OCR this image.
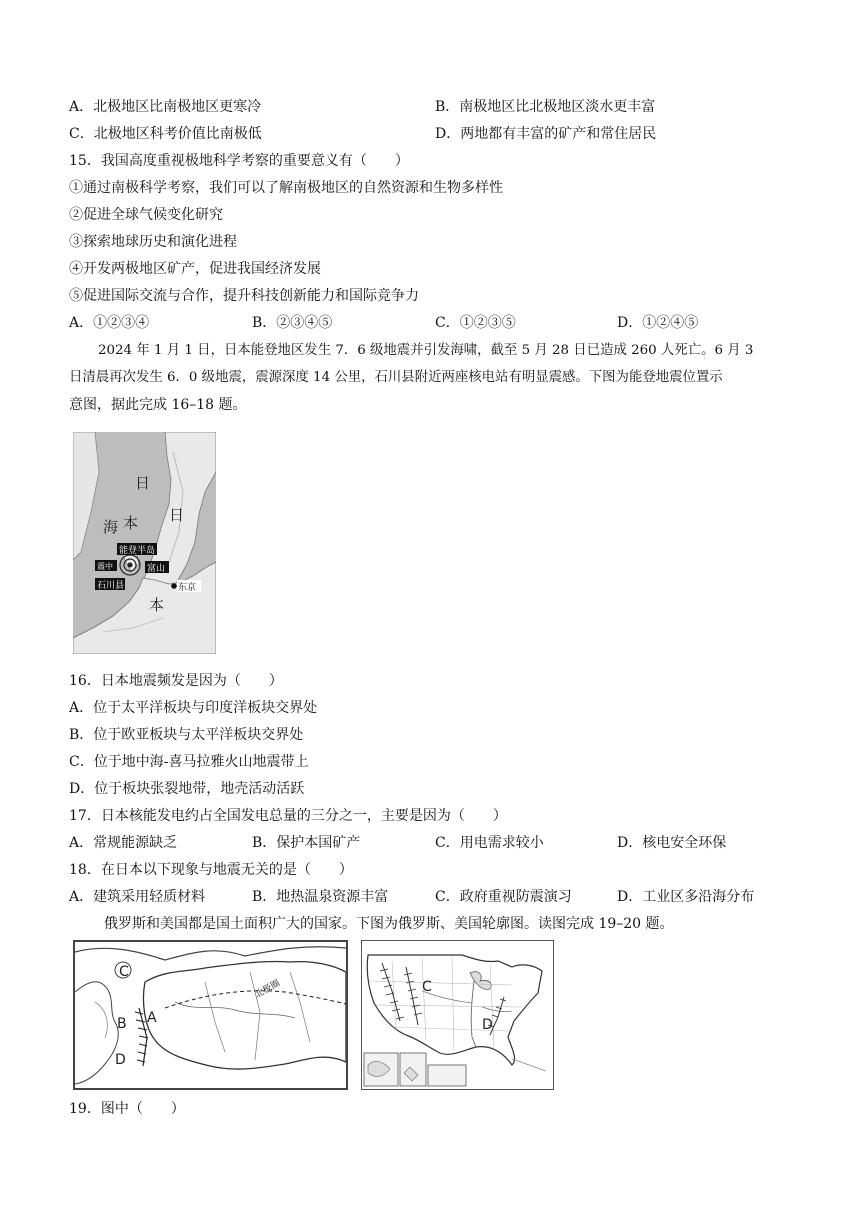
A．北极地区比南极地区更寒冷	B．南极地区比北极地区淡水更丰富
C．北极地区科考价值比南极低	D．两地都有丰富的矿产和常住居民
15．我国高度重视极地科学考察的重要意义有（　　）
①通过南极科学考察，我们可以了解南极地区的自然资源和生物多样性
②促进全球气候变化研究
③探索地球历史和演化进程
④开发两极地区矿产，促进我国经济发展
⑤促进国际交流与合作，提升科技创新能力和国际竞争力
A．①②③④	B．②③④⑤	C．①②③⑤	D．①②④⑤
2024 年 1 月 1 日，日本能登地区发生 7．6 级地震并引发海啸，截至 5 月 28 日已造成 260 人死亡。6 月 3
日清晨再次发生 6．0 级地震，震源深度 14 公里，石川县附近两座核电站有明显震感。下图为能登地震位置示
意图，据此完成 16–18 题。
日
本
海
日
本
能登半岛
震中	富山
石川县	东京
16．日本地震频发是因为（　　）
A．位于太平洋板块与印度洋板块交界处
B．位于欧亚板块与太平洋板块交界处
C．位于地中海-喜马拉雅火山地震带上
D．位于板块张裂地带，地壳活动活跃
17．日本核能发电约占全国发电总量的三分之一，主要是因为（　　）
A．常规能源缺乏	B．保护本国矿产	C．用电需求较小	D．核电安全环保
18．在日本以下现象与地震无关的是（　　）
A．建筑采用轻质材料	B．地热温泉资源丰富	C．政府重视防震演习	D．工业区多沿海分布
俄罗斯和美国都是国土面积广大的国家。下图为俄罗斯、美国轮廓图。读图完成 19–20 题。
C
B A
D
北极圈	C
D
19．图中（　　）
